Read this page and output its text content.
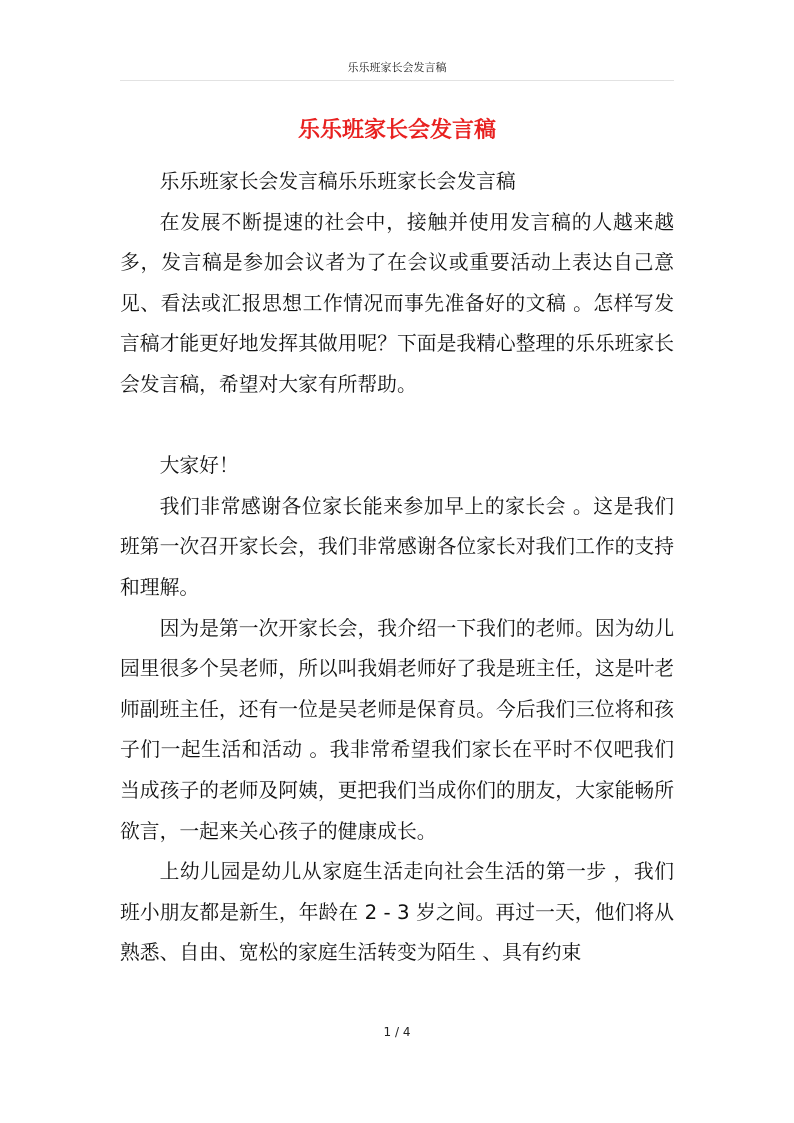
乐乐班家长会发言稿
乐乐班家长会发言稿

乐乐班家长会发言稿乐乐班家长会发言稿

在发展不断提速的社会中，接触并使用发言稿的人越来越多，发言稿是参加会议者为了在会议或重要活动上表达自己意见、看法或汇报思想工作情况而事先准备好的文稿 。怎样写发言稿才能更好地发挥其做用呢？下面是我精心整理的乐乐班家长会发言稿，希望对大家有所帮助。

大家好！

我们非常感谢各位家长能来参加早上的家长会 。这是我们班第一次召开家长会，我们非常感谢各位家长对我们工作的支持和理解。

因为是第一次开家长会，我介绍一下我们的老师。因为幼儿园里很多个吴老师，所以叫我娟老师好了我是班主任，这是叶老师副班主任，还有一位是吴老师是保育员。今后我们三位将和孩子们一起生活和活动 。我非常希望我们家长在平时不仅吧我们当成孩子的老师及阿姨，更把我们当成你们的朋友，大家能畅所欲言，一起来关心孩子的健康成长。

上幼儿园是幼儿从家庭生活走向社会生活的第一步 ，我们班小朋友都是新生，年龄在 2 - 3 岁之间。再过一天，他们将从熟悉、自由、宽松的家庭生活转变为陌生 、具有约束

1 / 4
